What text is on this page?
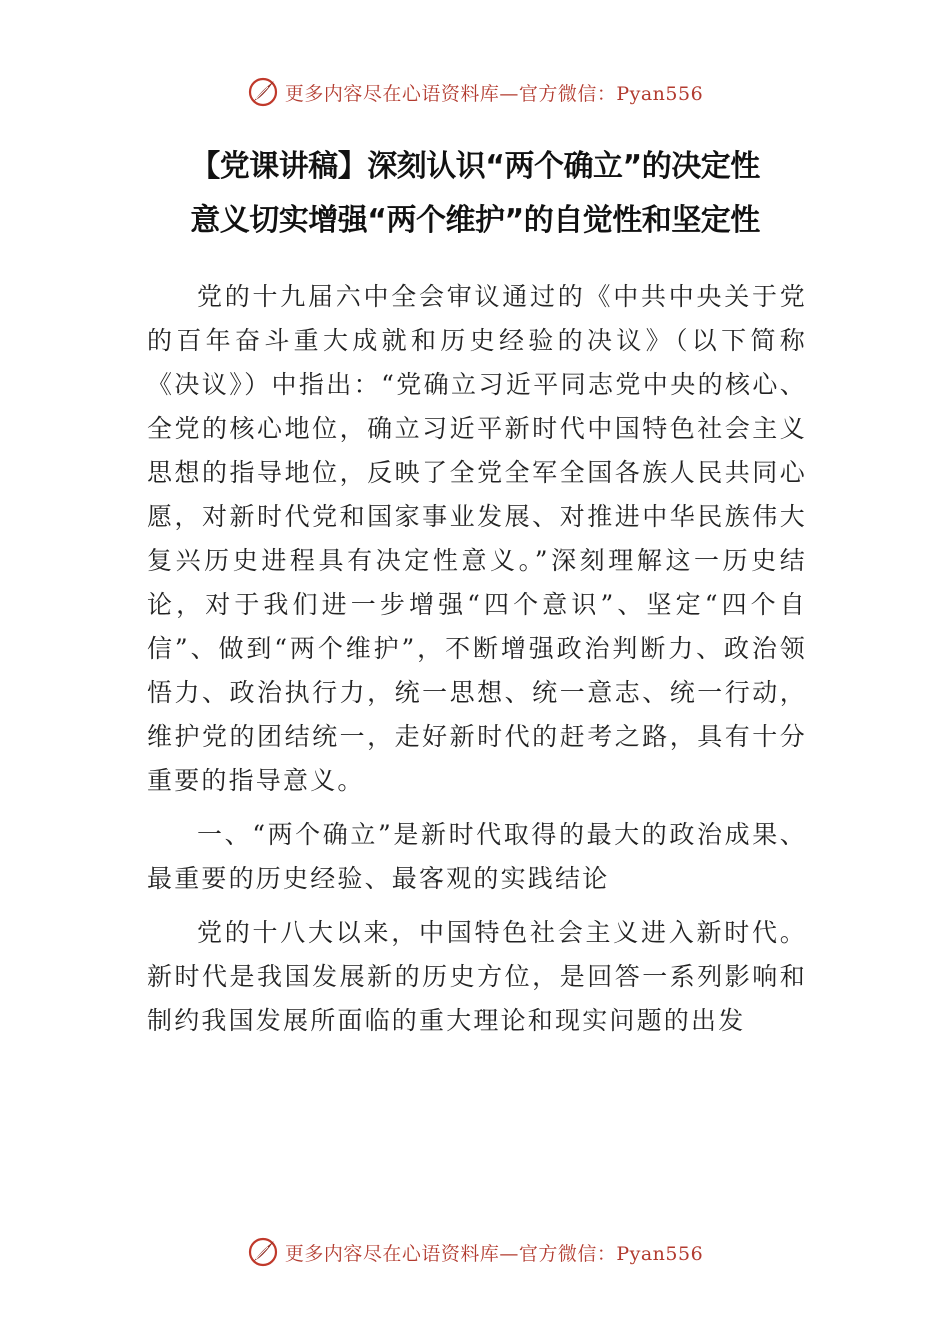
更多内容尽在心语资料库—官方微信：Pyan556
【党课讲稿】深刻认识“两个确立”的决定性
意义切实增强“两个维护”的自觉性和坚定性

党的十九届六中全会审议通过的《中共中央关于党的百年奋斗重大成就和历史经验的决议》（以下简称《决议》）中指出：“党确立习近平同志党中央的核心、全党的核心地位，确立习近平新时代中国特色社会主义思想的指导地位，反映了全党全军全国各族人民共同心愿，对新时代党和国家事业发展、对推进中华民族伟大复兴历史进程具有决定性意义。”深刻理解这一历史结论，对于我们进一步增强“四个意识”、坚定“四个自信”、做到“两个维护”，不断增强政治判断力、政治领悟力、政治执行力，统一思想、统一意志、统一行动，维护党的团结统一，走好新时代的赶考之路，具有十分重要的指导意义。

一、“两个确立”是新时代取得的最大的政治成果、最重要的历史经验、最客观的实践结论

党的十八大以来，中国特色社会主义进入新时代。新时代是我国发展新的历史方位，是回答一系列影响和制约我国发展所面临的重大理论和现实问题的出发

更多内容尽在心语资料库—官方微信：Pyan556
